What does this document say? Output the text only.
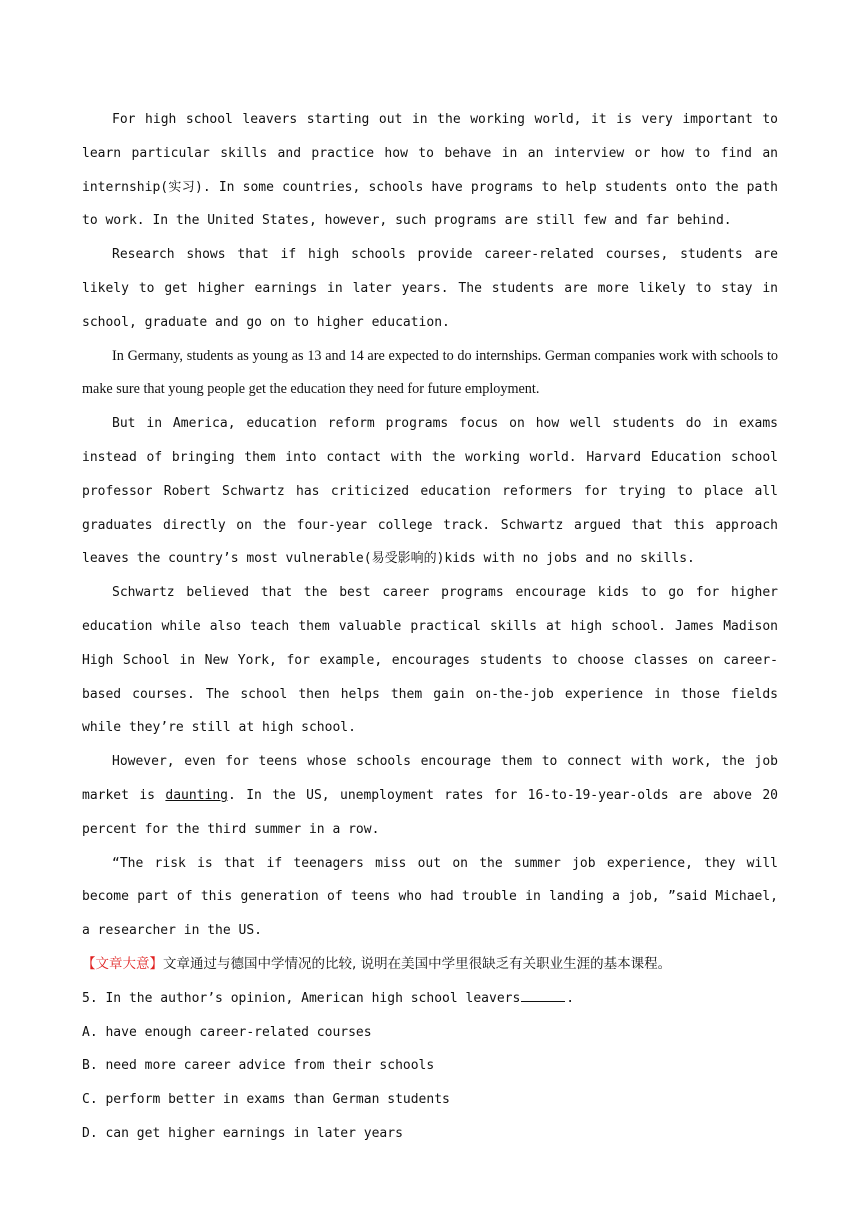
For high school leavers starting out in the working world, it is very important to learn particular skills and practice how to behave in an interview or how to find an internship(实习). In some countries, schools have programs to help students onto the path to work. In the United States, however, such programs are still few and far behind.

Research shows that if high schools provide career-related courses, students are likely to get higher earnings in later years. The students are more likely to stay in school, graduate and go on to higher education.

In Germany, students as young as 13 and 14 are expected to do internships. German companies work with schools to make sure that young people get the education they need for future employment.

But in America, education reform programs focus on how well students do in exams instead of bringing them into contact with the working world. Harvard Education school professor Robert Schwartz has criticized education reformers for trying to place all graduates directly on the four-year college track. Schwartz argued that this approach leaves the country’s most vulnerable(易受影响的)kids with no jobs and no skills.

Schwartz believed that the best career programs encourage kids to go for higher education while also teach them valuable practical skills at high school. James Madison High School in New York, for example, encourages students to choose classes on career-based courses. The school then helps them gain on-the-job experience in those fields while they’re still at high school.

However, even for teens whose schools encourage them to connect with work, the job market is daunting. In the US, unemployment rates for 16-to-19-year-olds are above 20 percent for the third summer in a row.

“The risk is that if teenagers miss out on the summer job experience, they will become part of this generation of teens who had trouble in landing a job, ”said Michael, a researcher in the US.

【文章大意】文章通过与德国中学情况的比较, 说明在美国中学里很缺乏有关职业生涯的基本课程。

5. In the author’s opinion, American high school leavers	.

A. have enough career-related courses

B. need more career advice from their schools

C. perform better in exams than German students

D. can get higher earnings in later years
